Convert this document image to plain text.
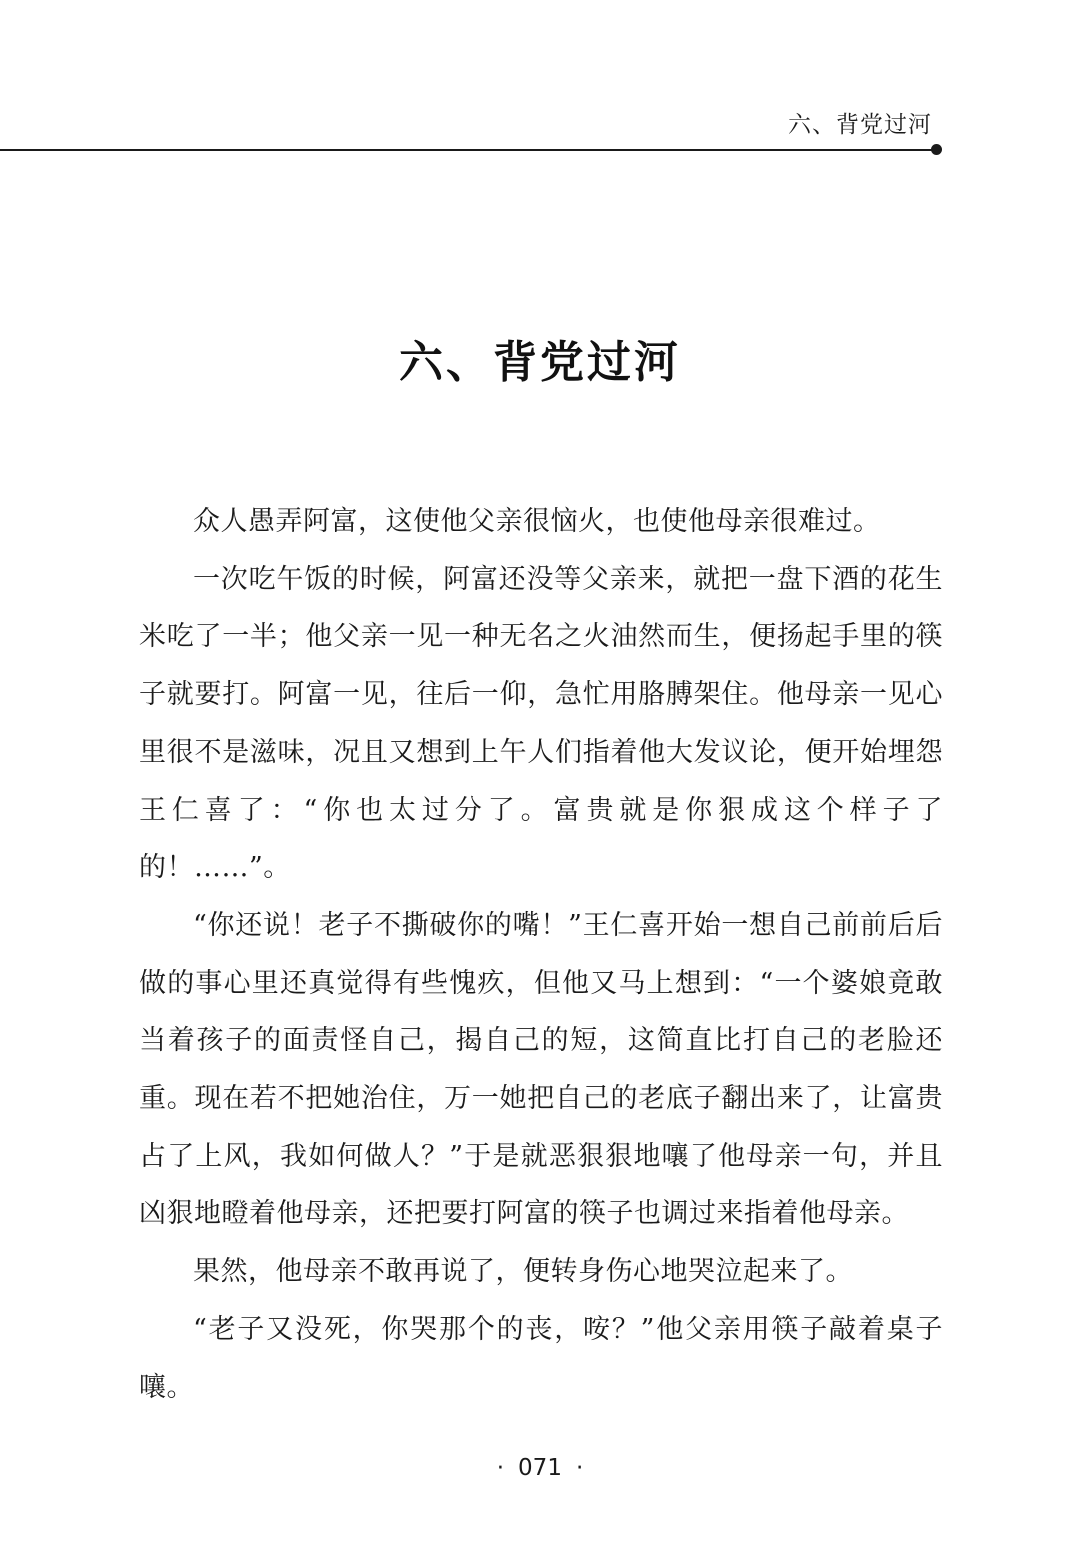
六、背党过河
六、背党过河

众人愚弄阿富，这使他父亲很恼火，也使他母亲很难过。

一次吃午饭的时候，阿富还没等父亲来，就把一盘下酒的花生米吃了一半；他父亲一见一种无名之火油然而生，便扬起手里的筷子就要打。阿富一见，往后一仰，急忙用胳膊架住。他母亲一见心里很不是滋味，况且又想到上午人们指着他大发议论，便开始埋怨王仁喜了：“你也太过分了。富贵就是你狠成这个样子了的！……”。

“你还说！老子不撕破你的嘴！”王仁喜开始一想自己前前后后做的事心里还真觉得有些愧疚，但他又马上想到：“一个婆娘竟敢当着孩子的面责怪自己，揭自己的短，这简直比打自己的老脸还重。现在若不把她治住，万一她把自己的老底子翻出来了，让富贵占了上风，我如何做人？”于是就恶狠狠地嚷了他母亲一句，并且凶狠地瞪着他母亲，还把要打阿富的筷子也调过来指着他母亲。

果然，他母亲不敢再说了，便转身伤心地哭泣起来了。

“老子又没死，你哭那个的丧，咹？”他父亲用筷子敲着桌子嚷。

· 071 ·
